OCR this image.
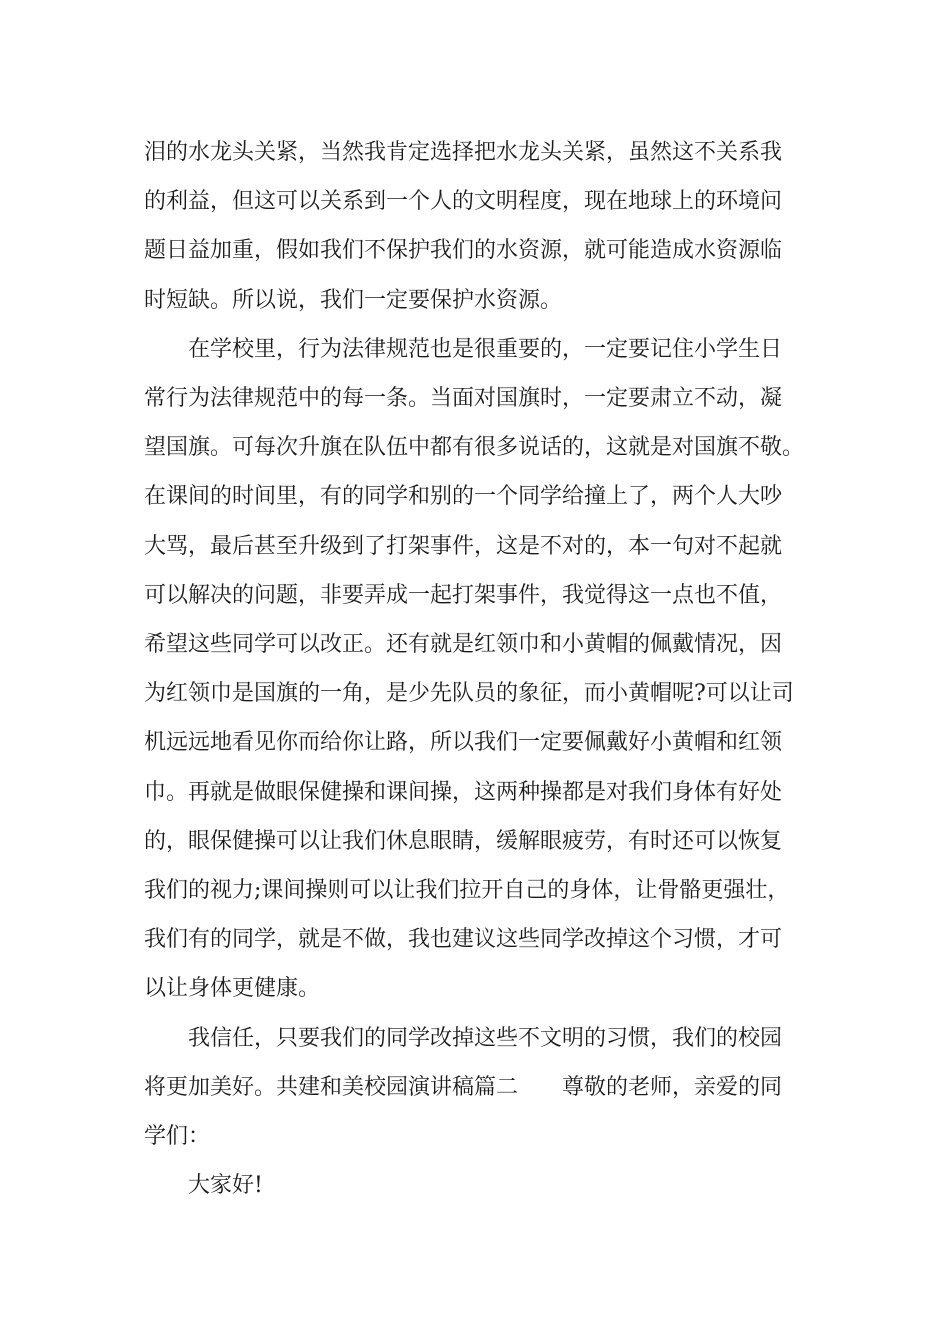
泪的水龙头关紧，当然我肯定选择把水龙头关紧，虽然这不关系我
的利益，但这可以关系到一个人的文明程度，现在地球上的环境问
题日益加重，假如我们不保护我们的水资源，就可能造成水资源临
时短缺。所以说，我们一定要保护水资源。

在学校里，行为法律规范也是很重要的，一定要记住小学生日
常行为法律规范中的每一条。当面对国旗时，一定要肃立不动，凝
望国旗。可每次升旗在队伍中都有很多说话的，这就是对国旗不敬。
在课间的时间里，有的同学和别的一个同学给撞上了，两个人大吵
大骂，最后甚至升级到了打架事件，这是不对的，本一句对不起就
可以解决的问题，非要弄成一起打架事件，我觉得这一点也不值，
希望这些同学可以改正。还有就是红领巾和小黄帽的佩戴情况，因
为红领巾是国旗的一角，是少先队员的象征，而小黄帽呢?可以让司
机远远地看见你而给你让路，所以我们一定要佩戴好小黄帽和红领
巾。再就是做眼保健操和课间操，这两种操都是对我们身体有好处
的，眼保健操可以让我们休息眼睛，缓解眼疲劳，有时还可以恢复
我们的视力;课间操则可以让我们拉开自己的身体，让骨骼更强壮，
我们有的同学，就是不做，我也建议这些同学改掉这个习惯，才可
以让身体更健康。

我信任，只要我们的同学改掉这些不文明的习惯，我们的校园
将更加美好。共建和美校园演讲稿篇二　　尊敬的老师，亲爱的同
学们：

大家好!
